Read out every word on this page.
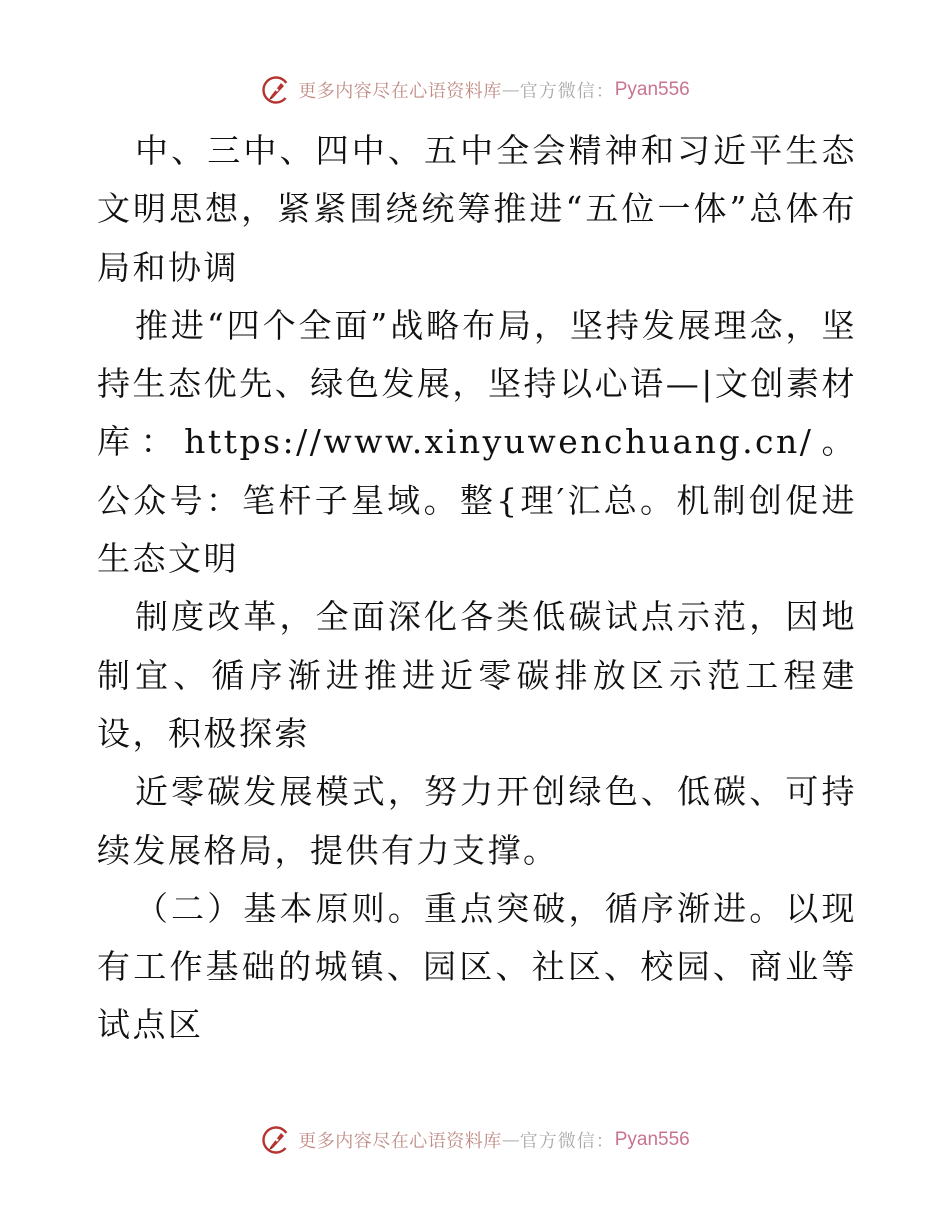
更多内容尽在心语资料库 — 官方微信： Pyan556

中、三中、四中、五中全会精神和习近平生态文明思想，紧紧围绕统筹推进“五位一体”总体布局和协调

推进“四个全面”战略布局，坚持发展理念，坚持生态优先、绿色发展，坚持以心语—|文创素材库：https://www.xinyuwenchuang.cn/。公众号：笔杆子星域。整{理′汇总。机制创促进生态文明

制度改革，全面深化各类低碳试点示范，因地制宜、循序渐进推进近零碳排放区示范工程建设，积极探索

近零碳发展模式，努力开创绿色、低碳、可持续发展格局，提供有力支撑。

（二）基本原则。重点突破，循序渐进。以现有工作基础的城镇、园区、社区、校园、商业等试点区

更多内容尽在心语资料库 — 官方微信： Pyan556
